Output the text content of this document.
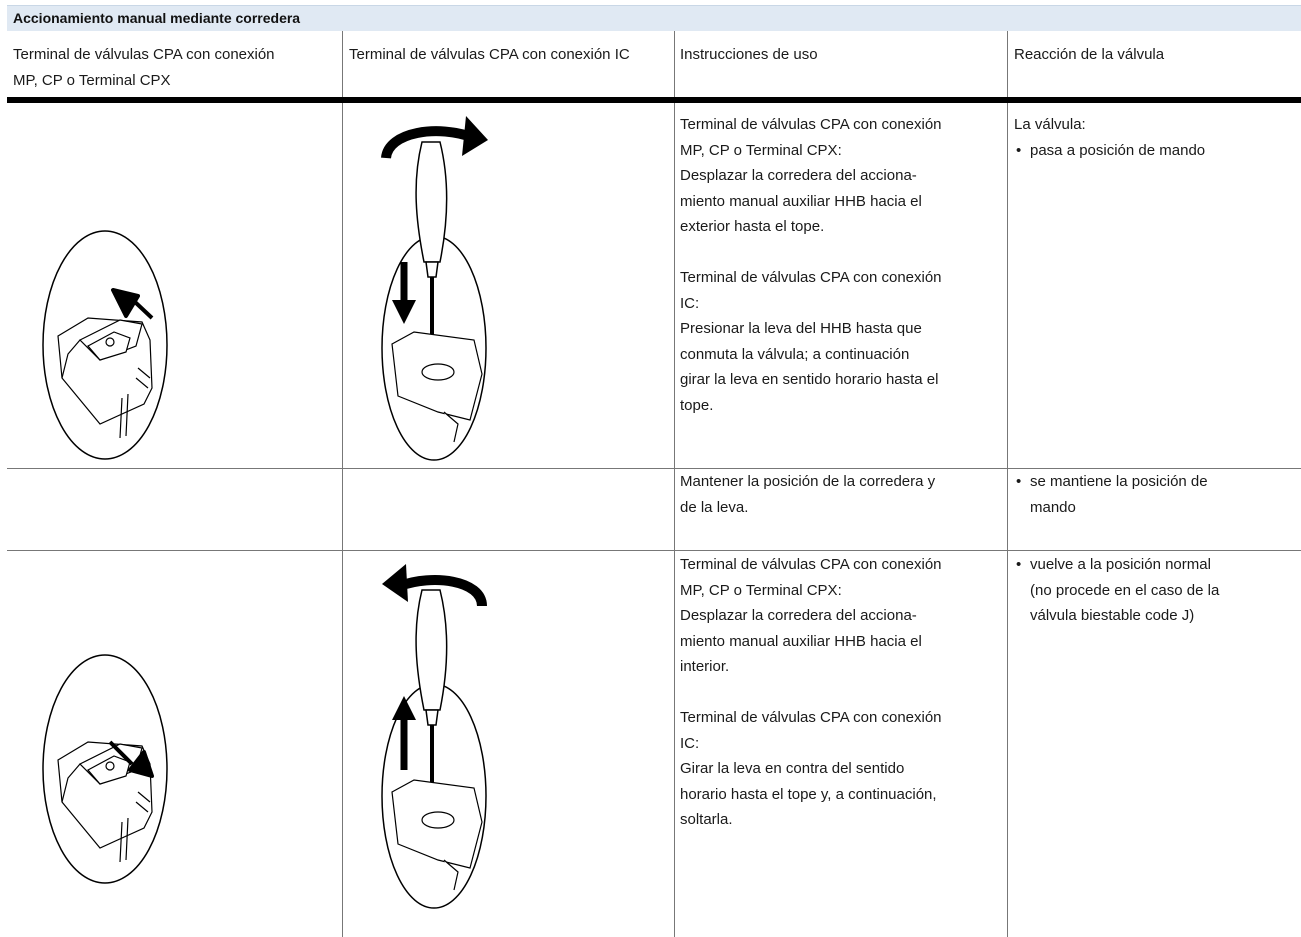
Accionamiento manual mediante corredera
Terminal de válvulas CPA con conexión
MP, CP o Terminal CPX
Terminal de válvulas CPA con conexión IC	Instrucciones de uso	Reacción de la válvula
Terminal de válvulas CPA con conexión
MP, CP o Terminal CPX:
Desplazar la corredera del acciona-
miento manual auxiliar HHB hacia el
exterior hasta el tope.

Terminal de válvulas CPA con conexión
IC:
Presionar la leva del HHB hasta que
conmuta la válvula; a continuación
girar la leva en sentido horario hasta el
tope.
La válvula:
• pasa a posición de mando
Mantener la posición de la corredera y
de la leva.
• se mantiene la posición de
mando
Terminal de válvulas CPA con conexión
MP, CP o Terminal CPX:
Desplazar la corredera del acciona-
miento manual auxiliar HHB hacia el
interior.

Terminal de válvulas CPA con conexión
IC:
Girar la leva en contra del sentido
horario hasta el tope y, a continuación,
soltarla.
• vuelve a la posición normal
(no procede en el caso de la
válvula biestable code J)
